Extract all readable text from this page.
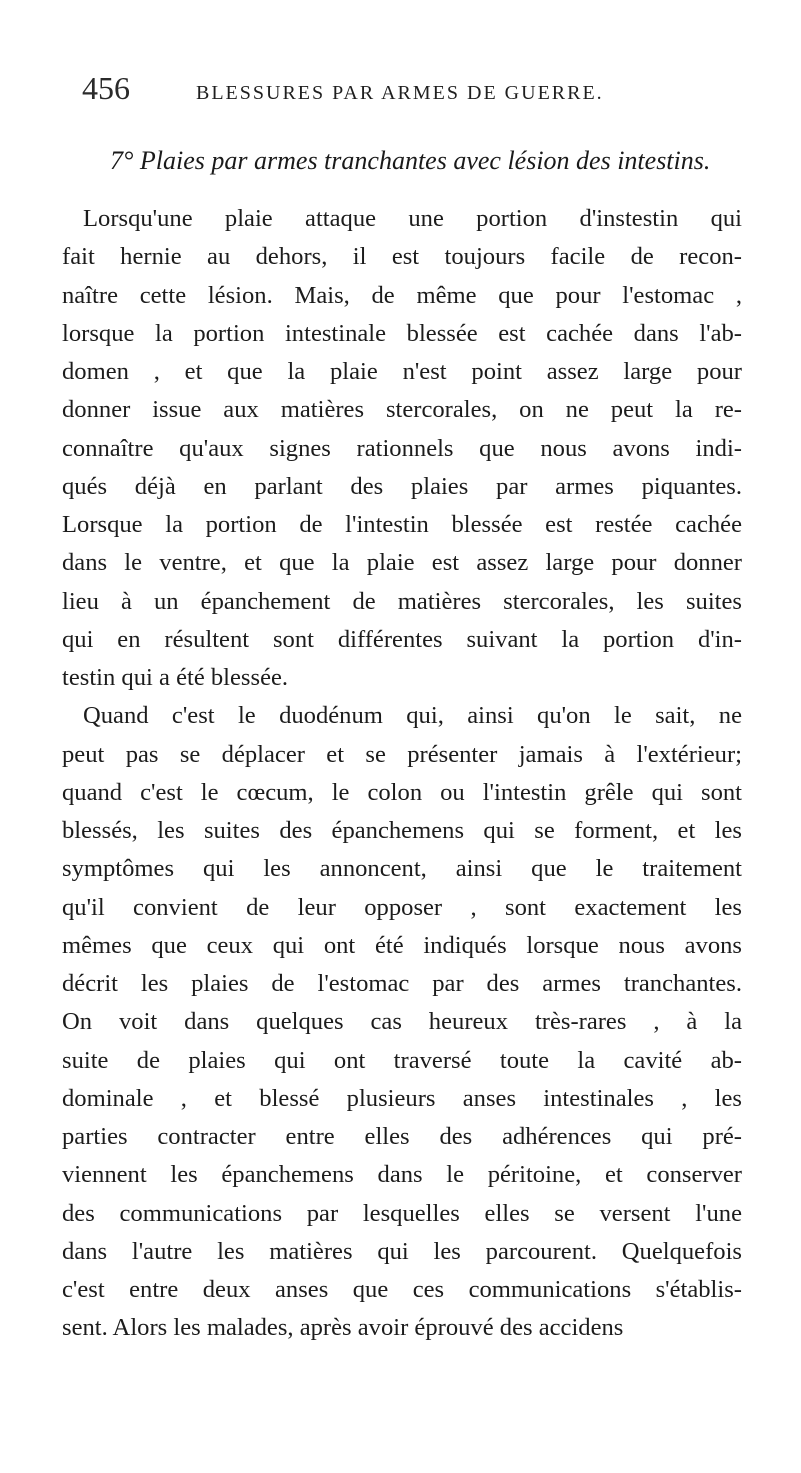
456	BLESSURES PAR ARMES DE GUERRE.
7° Plaies par armes tranchantes avec lésion des intestins.
Lorsqu'une plaie attaque une portion d'instestin qui
fait hernie au dehors, il est toujours facile de recon-
naître cette lésion. Mais, de même que pour l'estomac ,
lorsque la portion intestinale blessée est cachée dans l'ab-
domen , et que la plaie n'est point assez large pour
donner issue aux matières stercorales, on ne peut la re-
connaître qu'aux signes rationnels que nous avons indi-
qués déjà en parlant des plaies par armes piquantes.
Lorsque la portion de l'intestin blessée est restée cachée
dans le ventre, et que la plaie est assez large pour donner
lieu à un épanchement de matières stercorales, les suites
qui en résultent sont différentes suivant la portion d'in-
testin qui a été blessée.
Quand c'est le duodénum qui, ainsi qu'on le sait, ne
peut pas se déplacer et se présenter jamais à l'extérieur;
quand c'est le cœcum, le colon ou l'intestin grêle qui sont
blessés, les suites des épanchemens qui se forment, et les
symptômes qui les annoncent, ainsi que le traitement
qu'il convient de leur opposer , sont exactement les
mêmes que ceux qui ont été indiqués lorsque nous avons
décrit les plaies de l'estomac par des armes tranchantes.
On voit dans quelques cas heureux très-rares , à la
suite de plaies qui ont traversé toute la cavité ab-
dominale , et blessé plusieurs anses intestinales , les
parties contracter entre elles des adhérences qui pré-
viennent les épanchemens dans le péritoine, et conserver
des communications par lesquelles elles se versent l'une
dans l'autre les matières qui les parcourent. Quelquefois
c'est entre deux anses que ces communications s'établis-
sent. Alors les malades, après avoir éprouvé des accidens
